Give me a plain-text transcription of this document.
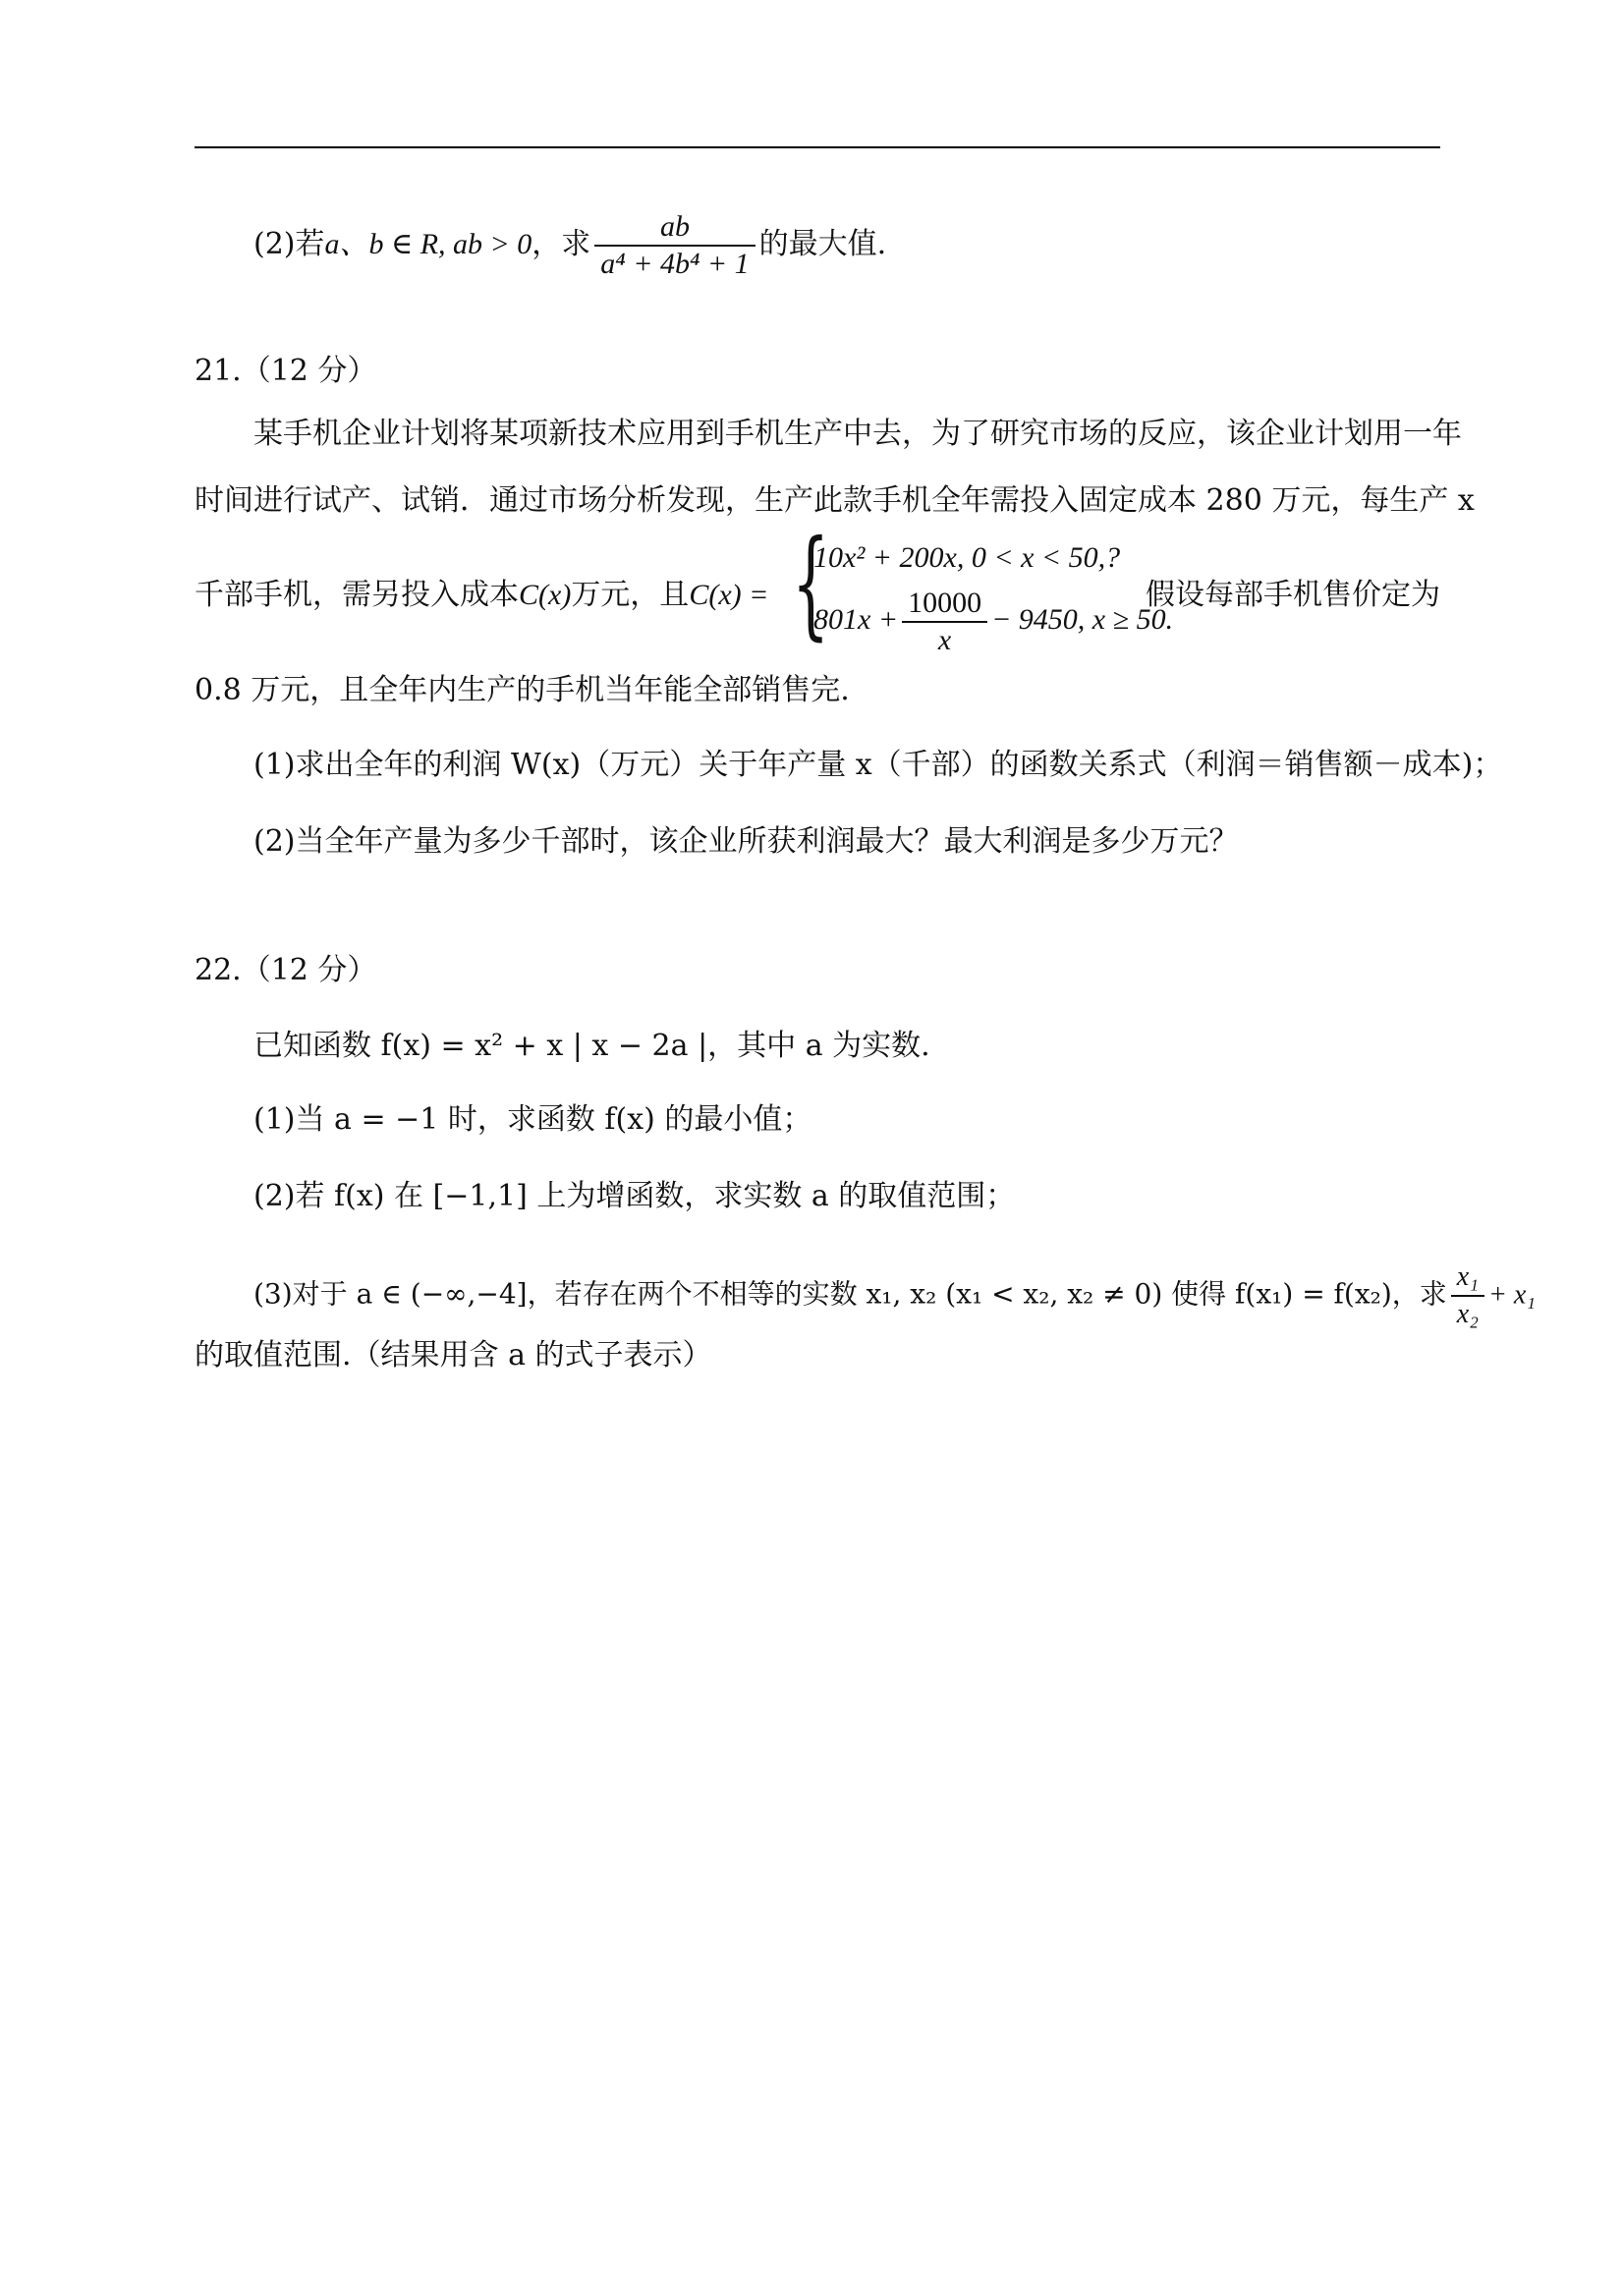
(2)若a、b ∈ R, ab > 0，求 $\frac{ab}{\text{a⁴ + 4b⁴ + 1}}$ 的最大值.
21.（12 分）
某手机企业计划将某项新技术应用到手机生产中去，为了研究市场的反应，该企业计划用一年
时间进行试产、试销．通过市场分析发现，生产此款手机全年需投入固定成本 280 万元，每生产 x
千部手机，需另投入成本C(x)万元，且C(x) = {
10x² + 200x, 0 < x < 50,?
$801x + \frac{10000}{x} - 9450$, x ≥ 50.
假设每部手机售价定为
0.8 万元，且全年内生产的手机当年能全部销售完.
(1)求出全年的利润 W(x)（万元）关于年产量 x（千部）的函数关系式（利润＝销售额－成本)；
(2)当全年产量为多少千部时，该企业所获利润最大？最大利润是多少万元？
22.（12 分）
已知函数 f(x) = x² + x | x − 2a |，其中 a 为实数.
(1)当 a = −1 时，求函数 f(x) 的最小值；
(2)若 f(x) 在 [−1,1] 上为增函数，求实数 a 的取值范围；
(3)对于 a ∈ (−∞,−4]，若存在两个不相等的实数 x₁, x₂ (x₁ < x₂, x₂ ≠ 0) 使得 f(x₁) = f(x₂)，求 $\frac{\text{x₁}}{\text{x₂}} + x_1$
的取值范围.（结果用含 a 的式子表示）
